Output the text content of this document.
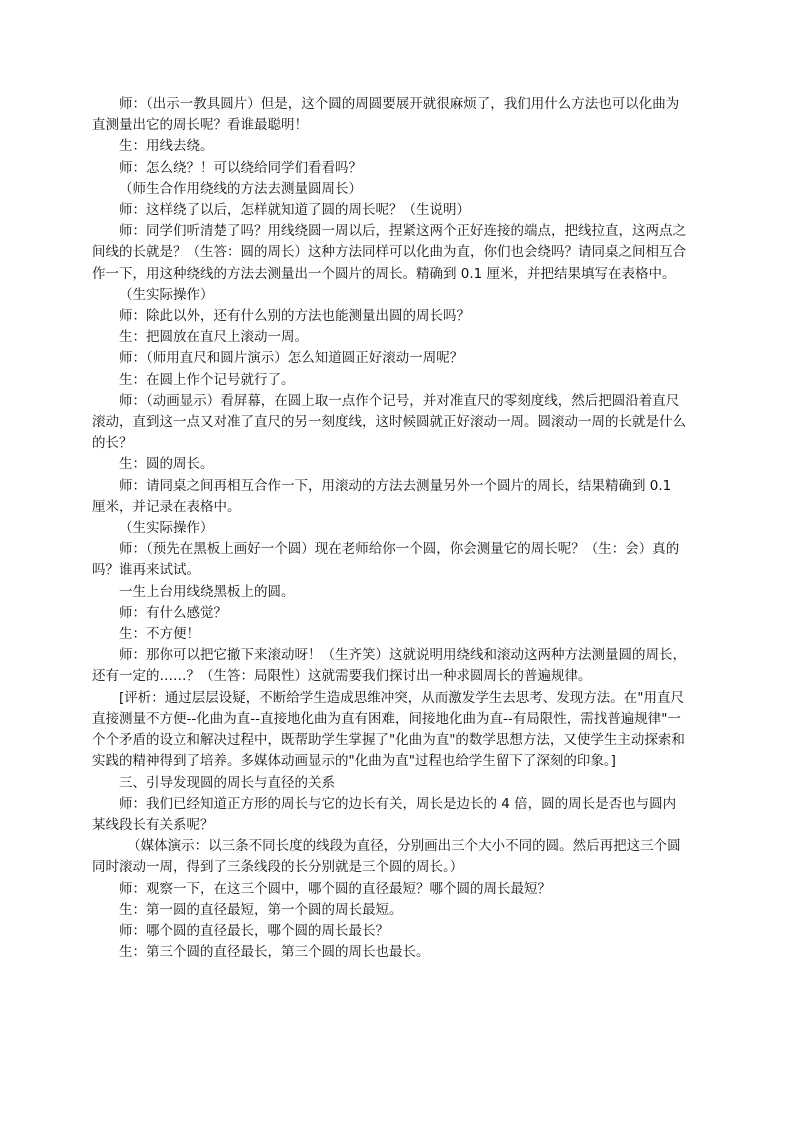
师：（出示一教具圆片）但是，这个圆的周圆要展开就很麻烦了，我们用什么方法也可以化曲为直测量出它的周长呢？看谁最聪明！

生：用线去绕。

师：怎么绕？！可以绕给同学们看看吗？

（师生合作用绕线的方法去测量圆周长）

师：这样绕了以后，怎样就知道了圆的周长呢？（生说明）

师：同学们听清楚了吗？用线绕圆一周以后，捏紧这两个正好连接的端点，把线拉直，这两点之间线的长就是？（生答：圆的周长）这种方法同样可以化曲为直，你们也会绕吗？请同桌之间相互合作一下，用这种绕线的方法去测量出一个圆片的周长。精确到 0.1 厘米，并把结果填写在表格中。

（生实际操作）

师：除此以外，还有什么别的方法也能测量出圆的周长吗？

生：把圆放在直尺上滚动一周。

师：（师用直尺和圆片演示）怎么知道圆正好滚动一周呢？

生：在圆上作个记号就行了。

师：（动画显示）看屏幕，在圆上取一点作个记号，并对准直尺的零刻度线，然后把圆沿着直尺滚动，直到这一点又对准了直尺的另一刻度线，这时候圆就正好滚动一周。圆滚动一周的长就是什么的长？

生：圆的周长。

师：请同桌之间再相互合作一下，用滚动的方法去测量另外一个圆片的周长，结果精确到 0.1 厘米，并记录在表格中。

（生实际操作）

师：（预先在黑板上画好一个圆）现在老师给你一个圆，你会测量它的周长呢？（生：会）真的吗？谁再来试试。

一生上台用线绕黑板上的圆。

师：有什么感觉？

生：不方便！

师：那你可以把它撤下来滚动呀！（生齐笑）这就说明用绕线和滚动这两种方法测量圆的周长，还有一定的……？（生答：局限性）这就需要我们探讨出一种求圆周长的普遍规律。

[评析：通过层层设疑，不断给学生造成思维冲突，从而激发学生去思考、发现方法。在"用直尺直接测量不方便--化曲为直--直接地化曲为直有困难，间接地化曲为直--有局限性，需找普遍规律"一个个矛盾的设立和解决过程中，既帮助学生掌握了"化曲为直"的数学思想方法，又使学生主动探索和实践的精神得到了培养。多媒体动画显示的"化曲为直"过程也给学生留下了深刻的印象。]

三、引导发现圆的周长与直径的关系

师：我们已经知道正方形的周长与它的边长有关，周长是边长的 4 倍，圆的周长是否也与圆内某线段长有关系呢？

（媒体演示：以三条不同长度的线段为直径，分别画出三个大小不同的圆。然后再把这三个圆同时滚动一周，得到了三条线段的长分别就是三个圆的周长。）

师：观察一下，在这三个圆中，哪个圆的直径最短？哪个圆的周长最短？

生：第一圆的直径最短，第一个圆的周长最短。

师：哪个圆的直径最长，哪个圆的周长最长？

生：第三个圆的直径最长，第三个圆的周长也最长。
